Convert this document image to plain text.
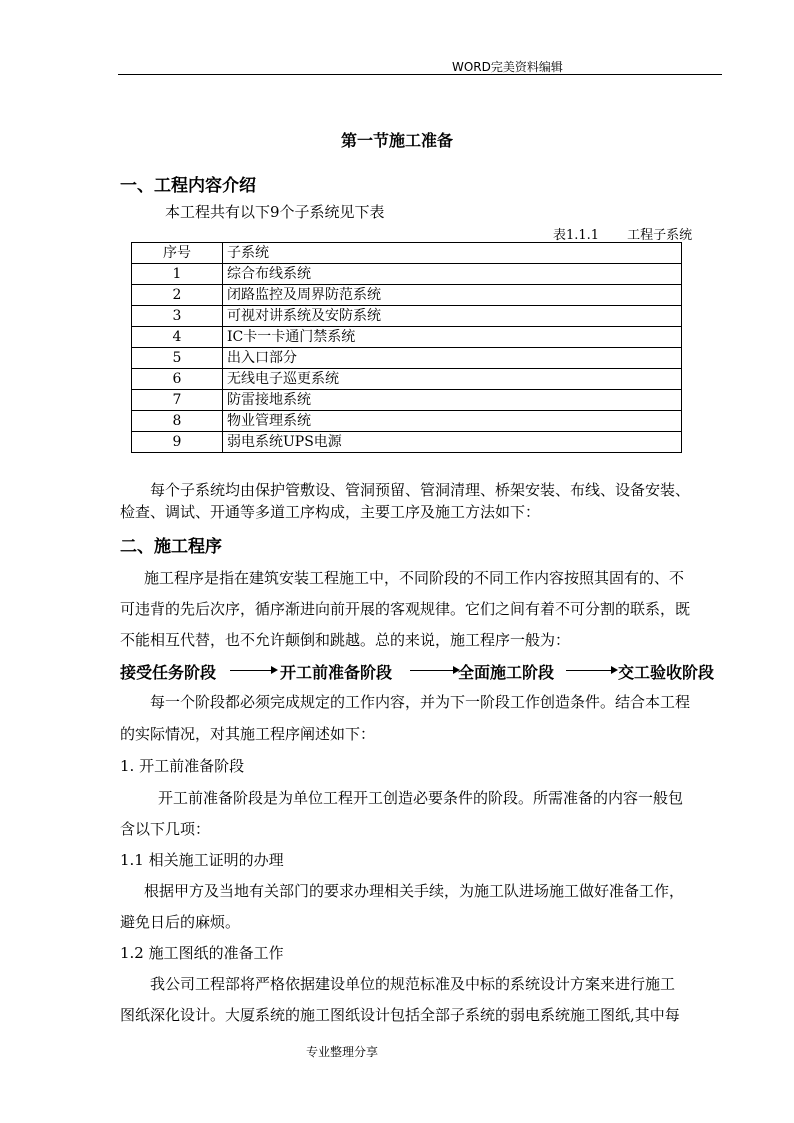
WORD完美资料编辑
第一节施工准备
一、工程内容介绍
本工程共有以下9个子系统见下表
表1.1.1 工程子系统
序号	子系统
1	综合布线系统
2	闭路监控及周界防范系统
3	可视对讲系统及安防系统
4	IC卡一卡通门禁系统
5	出入口部分
6	无线电子巡更系统
7	防雷接地系统
8	物业管理系统
9	弱电系统UPS电源
每个子系统均由保护管敷设、管洞预留、管洞清理、桥架安装、布线、设备安装、
检查、调试、开通等多道工序构成，主要工序及施工方法如下：
二、施工程序
施工程序是指在建筑安装工程施工中，不同阶段的不同工作内容按照其固有的、不
可违背的先后次序，循序渐进向前开展的客观规律。它们之间有着不可分割的联系，既
不能相互代替，也不允许颠倒和跳越。总的来说，施工程序一般为：
接受任务阶段	开工前准备阶段	全面施工阶段	交工验收阶段
每一个阶段都必须完成规定的工作内容，并为下一阶段工作创造条件。结合本工程
的实际情况，对其施工程序阐述如下：
1. 开工前准备阶段
开工前准备阶段是为单位工程开工创造必要条件的阶段。所需准备的内容一般包
含以下几项：
1.1 相关施工证明的办理
根据甲方及当地有关部门的要求办理相关手续，为施工队进场施工做好准备工作，
避免日后的麻烦。
1.2 施工图纸的准备工作
我公司工程部将严格依据建设单位的规范标准及中标的系统设计方案来进行施工
图纸深化设计。大厦系统的施工图纸设计包括全部子系统的弱电系统施工图纸,其中每
专业整理分享
